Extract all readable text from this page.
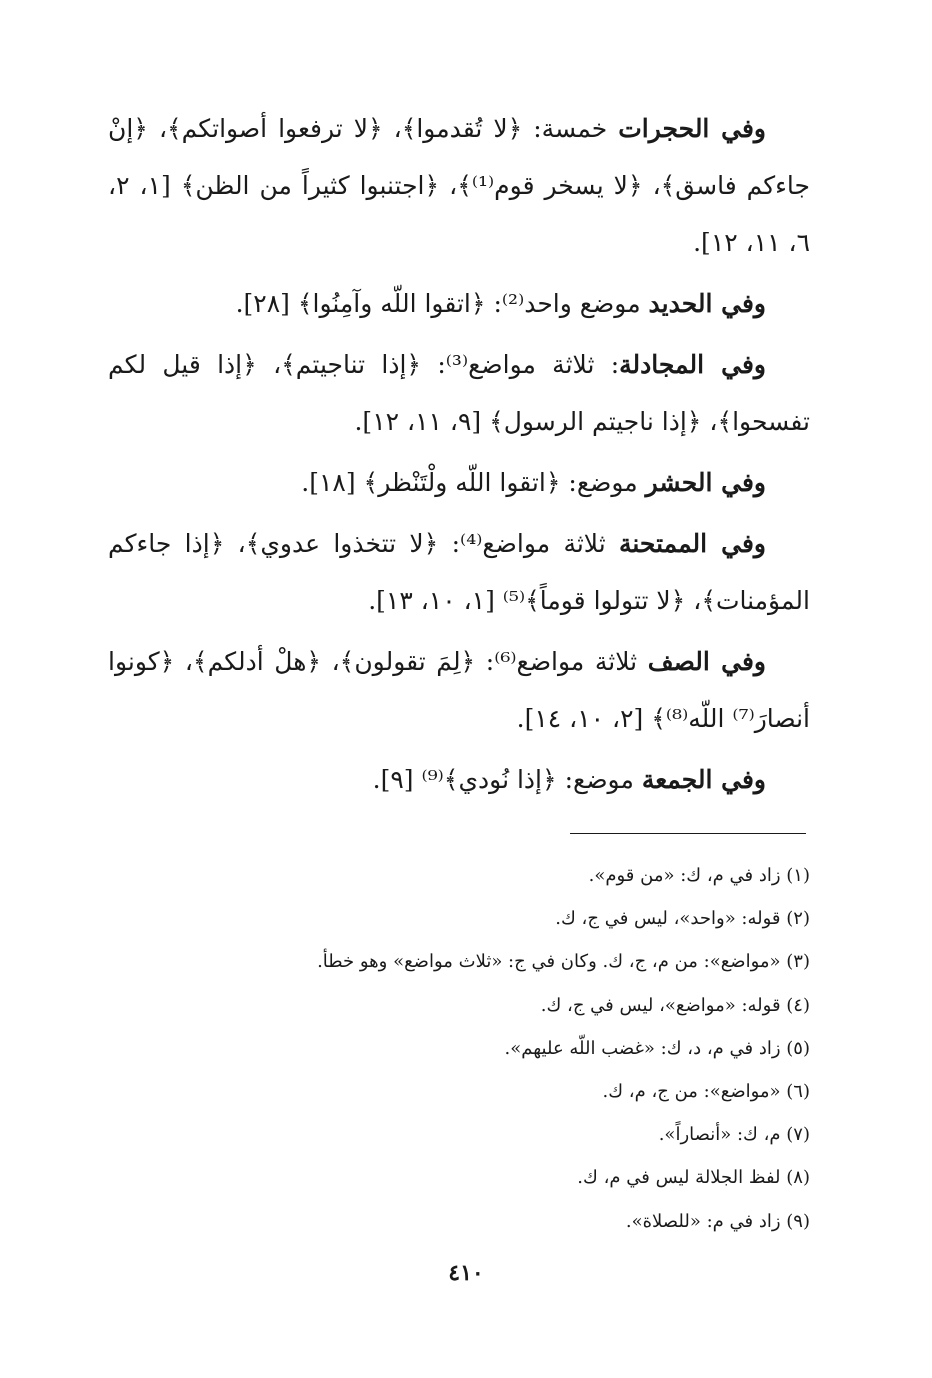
وفي الحجرات خمسة: ﴿لا تُقدموا﴾، ﴿لا ترفعوا أصواتكم﴾، ﴿إنْ جاءكم فاسق﴾، ﴿لا يسخر قوم⁽¹⁾﴾، ﴿اجتنبوا كثيراً من الظن﴾ [١، ٢، ٦، ١١، ١٢].

وفي الحديد موضع واحد⁽²⁾: ﴿اتقوا اللّه وآمِنُوا﴾ [٢٨].

وفي المجادلة: ثلاثة مواضع⁽³⁾: ﴿إذا تناجيتم﴾، ﴿إذا قيل لكم تفسحوا﴾، ﴿إذا ناجيتم الرسول﴾ [٩، ١١، ١٢].

وفي الحشر موضع: ﴿اتقوا اللّه ولْتَنْظر﴾ [١٨].

وفي الممتحنة ثلاثة مواضع⁽⁴⁾: ﴿لا تتخذوا عدوي﴾، ﴿إذا جاءكم المؤمنات﴾، ﴿لا تتولوا قوماً﴾⁽⁵⁾ [١، ١٠، ١٣].

وفي الصف ثلاثة مواضع⁽⁶⁾: ﴿لِمَ تقولون﴾، ﴿هلْ أدلكم﴾، ﴿كونوا أنصارَ⁽⁷⁾ اللّه⁽⁸⁾﴾ [٢، ١٠، ١٤].

وفي الجمعة موضع: ﴿إذا نُودي﴾⁽⁹⁾ [٩].

(١) زاد في م، ك: «من قوم».
(٢) قوله: «واحد»، ليس في ج، ك.
(٣) «مواضع»: من م، ج، ك. وكان في ج: «ثلاث مواضع» وهو خطأ.
(٤) قوله: «مواضع»، ليس في ج، ك.
(٥) زاد في م، د، ك: «غضب اللّه عليهم».
(٦) «مواضع»: من ج، م، ك.
(٧) م، ك: «أنصاراً».
(٨) لفظ الجلالة ليس في م، ك.
(٩) زاد في م: «للصلاة».
٤١٠
